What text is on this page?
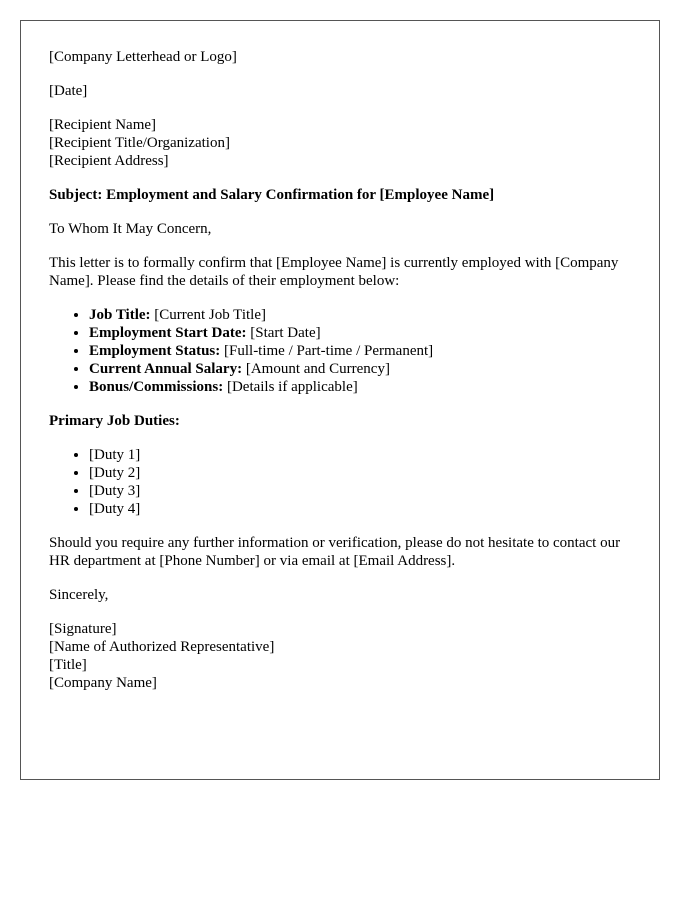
[Company Letterhead or Logo]

[Date]

[Recipient Name]
[Recipient Title/Organization]
[Recipient Address]

Subject: Employment and Salary Confirmation for [Employee Name]

To Whom It May Concern,

This letter is to formally confirm that [Employee Name] is currently employed with [Company Name]. Please find the details of their employment below:

• Job Title: [Current Job Title]
• Employment Start Date: [Start Date]
• Employment Status: [Full-time / Part-time / Permanent]
• Current Annual Salary: [Amount and Currency]
• Bonus/Commissions: [Details if applicable]

Primary Job Duties:

• [Duty 1]
• [Duty 2]
• [Duty 3]
• [Duty 4]

Should you require any further information or verification, please do not hesitate to contact our HR department at [Phone Number] or via email at [Email Address].

Sincerely,

[Signature]
[Name of Authorized Representative]
[Title]
[Company Name]
